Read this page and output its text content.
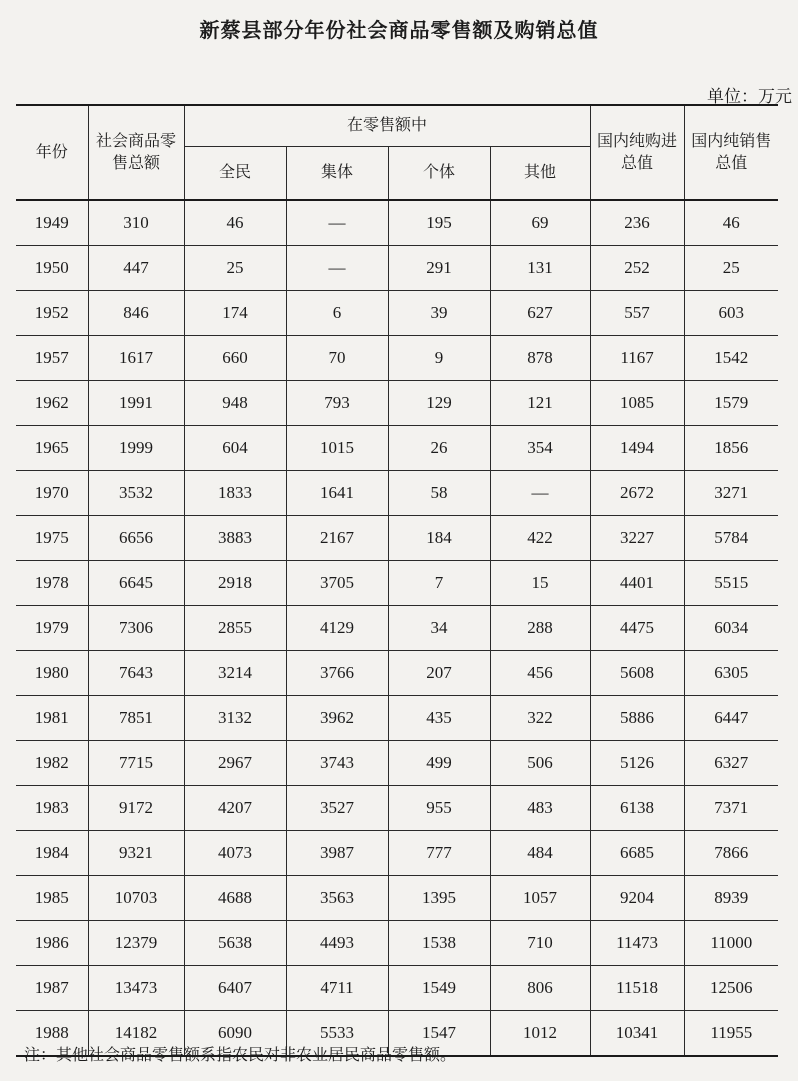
新蔡县部分年份社会商品零售额及购销总值
单位：万元
年份	社会商品零售总额	在零售额中				国内纯购进总值	国内纯销售总值
		全民	集体	个体	其他		
1949	310	46	—	195	69	236	46
1950	447	25	—	291	131	252	25
1952	846	174	6	39	627	557	603
1957	1617	660	70	9	878	1167	1542
1962	1991	948	793	129	121	1085	1579
1965	1999	604	1015	26	354	1494	1856
1970	3532	1833	1641	58	—	2672	3271
1975	6656	3883	2167	184	422	3227	5784
1978	6645	2918	3705	7	15	4401	5515
1979	7306	2855	4129	34	288	4475	6034
1980	7643	3214	3766	207	456	5608	6305
1981	7851	3132	3962	435	322	5886	6447
1982	7715	2967	3743	499	506	5126	6327
1983	9172	4207	3527	955	483	6138	7371
1984	9321	4073	3987	777	484	6685	7866
1985	10703	4688	3563	1395	1057	9204	8939
1986	12379	5638	4493	1538	710	11473	11000
1987	13473	6407	4711	1549	806	11518	12506
1988	14182	6090	5533	1547	1012	10341	11955
注：其他社会商品零售额系指农民对非农业居民商品零售额。
